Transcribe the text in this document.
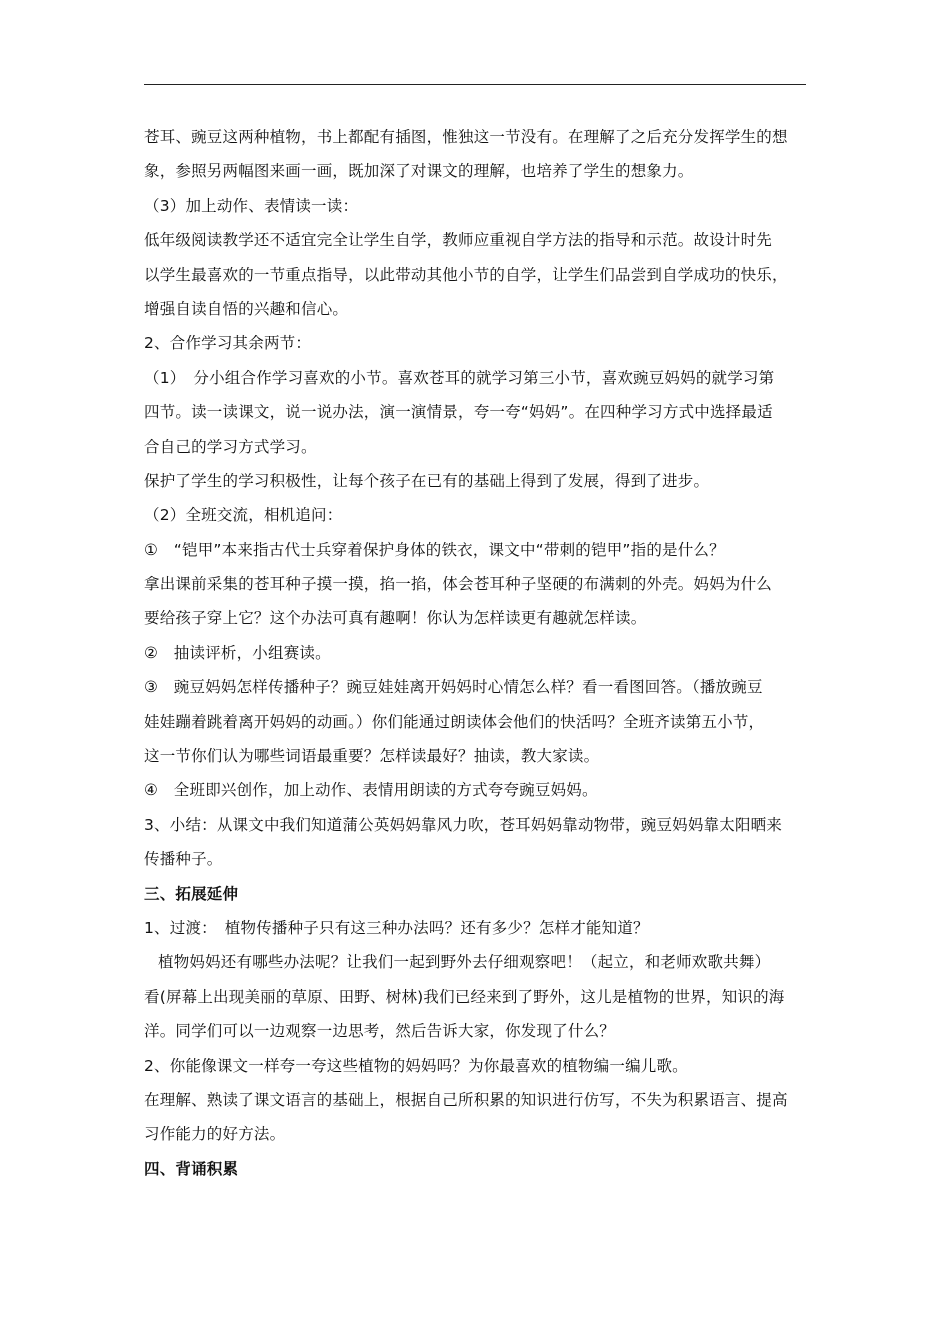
苍耳、豌豆这两种植物，书上都配有插图，惟独这一节没有。在理解了之后充分发挥学生的想
象，参照另两幅图来画一画，既加深了对课文的理解，也培养了学生的想象力。
（3）加上动作、表情读一读：
低年级阅读教学还不适宜完全让学生自学，教师应重视自学方法的指导和示范。故设计时先
以学生最喜欢的一节重点指导，以此带动其他小节的自学，让学生们品尝到自学成功的快乐，
增强自读自悟的兴趣和信心。
2、合作学习其余两节：
（1）　分小组合作学习喜欢的小节。喜欢苍耳的就学习第三小节，喜欢豌豆妈妈的就学习第
四节。读一读课文，说一说办法，演一演情景，夸一夸“妈妈”。在四种学习方式中选择最适
合自己的学习方式学习。
保护了学生的学习积极性，让每个孩子在已有的基础上得到了发展，得到了进步。
（2）全班交流，相机追问：
①　“铠甲”本来指古代士兵穿着保护身体的铁衣，课文中“带刺的铠甲”指的是什么？
拿出课前采集的苍耳种子摸一摸，掐一掐，体会苍耳种子坚硬的布满刺的外壳。妈妈为什么
要给孩子穿上它？这个办法可真有趣啊！你认为怎样读更有趣就怎样读。
②　抽读评析，小组赛读。
③　豌豆妈妈怎样传播种子？豌豆娃娃离开妈妈时心情怎么样？看一看图回答。（播放豌豆
娃娃蹦着跳着离开妈妈的动画。）你们能通过朗读体会他们的快活吗？全班齐读第五小节，
这一节你们认为哪些词语最重要？怎样读最好？抽读，教大家读。
④　全班即兴创作，加上动作、表情用朗读的方式夸夸豌豆妈妈。
3、小结：从课文中我们知道蒲公英妈妈靠风力吹，苍耳妈妈靠动物带，豌豆妈妈靠太阳晒来
传播种子。
三、拓展延伸
1、过渡：　植物传播种子只有这三种办法吗？还有多少？怎样才能知道？
植物妈妈还有哪些办法呢？让我们一起到野外去仔细观察吧！（起立，和老师欢歌共舞）
看(屏幕上出现美丽的草原、田野、树林)我们已经来到了野外，这儿是植物的世界，知识的海
洋。同学们可以一边观察一边思考，然后告诉大家，你发现了什么？
2、你能像课文一样夸一夸这些植物的妈妈吗？为你最喜欢的植物编一编儿歌。
在理解、熟读了课文语言的基础上，根据自己所积累的知识进行仿写，不失为积累语言、提高
习作能力的好方法。
四、背诵积累
